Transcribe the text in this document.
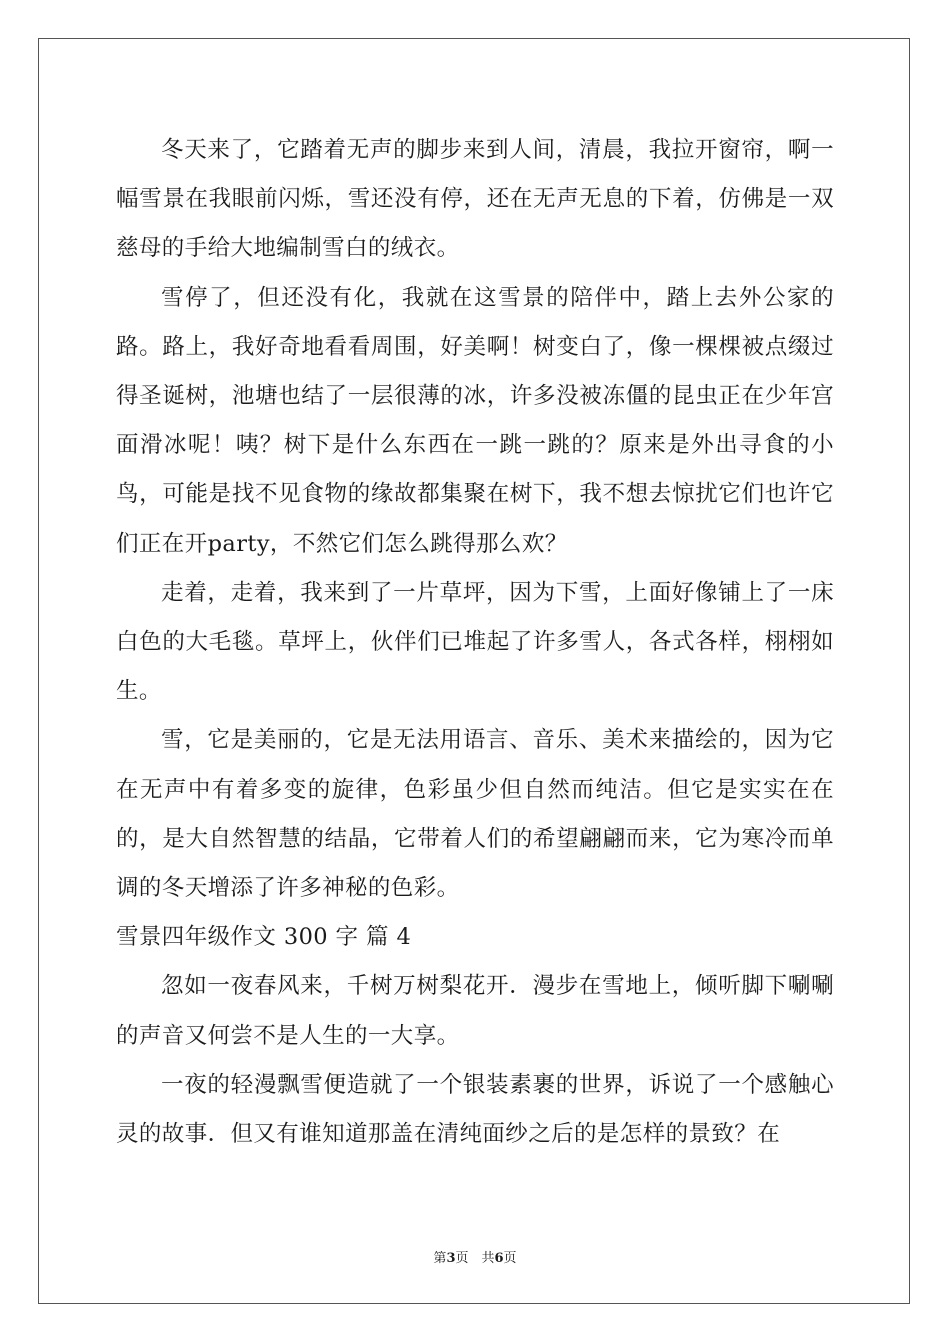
冬天来了，它踏着无声的脚步来到人间，清晨，我拉开窗帘，啊一幅雪景在我眼前闪烁，雪还没有停，还在无声无息的下着，仿佛是一双慈母的手给大地编制雪白的绒衣。

雪停了，但还没有化，我就在这雪景的陪伴中，踏上去外公家的路。路上，我好奇地看看周围，好美啊！树变白了，像一棵棵被点缀过得圣诞树，池塘也结了一层很薄的冰，许多没被冻僵的昆虫正在少年宫面滑冰呢！咦？树下是什么东西在一跳一跳的？原来是外出寻食的小鸟，可能是找不见食物的缘故都集聚在树下，我不想去惊扰它们也许它们正在开party，不然它们怎么跳得那么欢？

走着，走着，我来到了一片草坪，因为下雪，上面好像铺上了一床白色的大毛毯。草坪上，伙伴们已堆起了许多雪人，各式各样，栩栩如生。

雪，它是美丽的，它是无法用语言、音乐、美术来描绘的，因为它在无声中有着多变的旋律，色彩虽少但自然而纯洁。但它是实实在在的，是大自然智慧的结晶，它带着人们的希望翩翩而来，它为寒冷而单调的冬天增添了许多神秘的色彩。

雪景四年级作文 300 字 篇 4

忽如一夜春风来，千树万树梨花开．漫步在雪地上，倾听脚下唰唰的声音又何尝不是人生的一大享。

一夜的轻漫飘雪便造就了一个银装素裹的世界，诉说了一个感触心灵的故事．但又有谁知道那盖在清纯面纱之后的是怎样的景致？在

第3页　共6页
